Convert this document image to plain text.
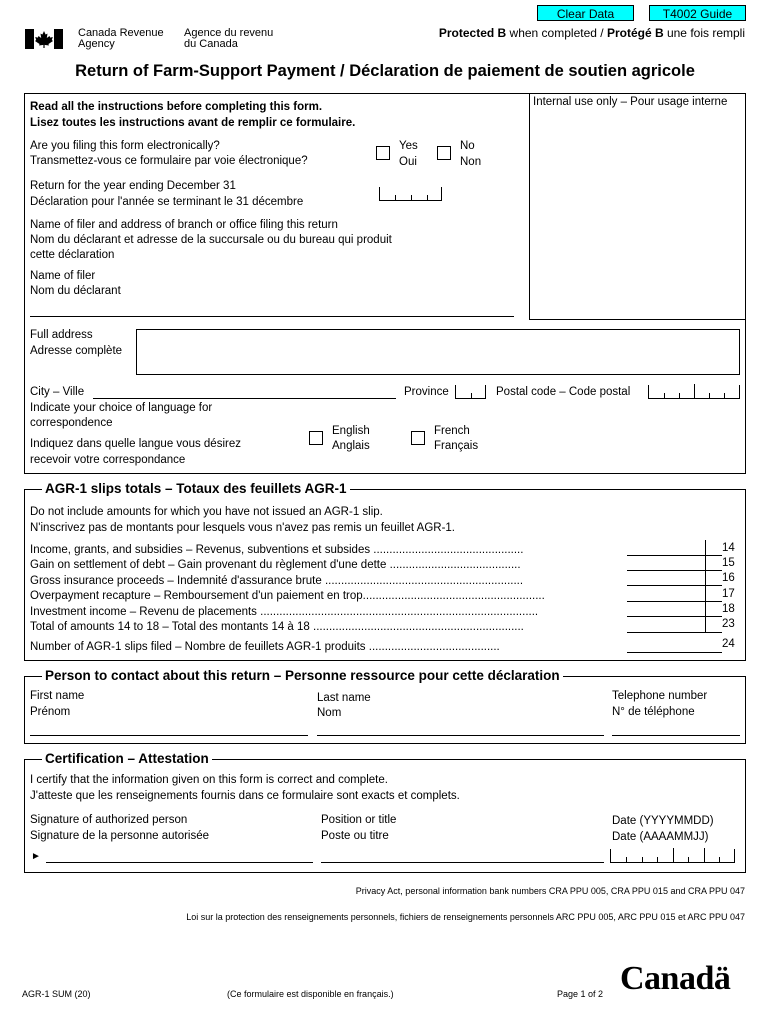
Clear Data	T4002 Guide
Canada Revenue
Agency
Agence du revenu
du Canada
Protected B when completed / Protégé B une fois rempli
Return of Farm-Support Payment / Déclaration de paiement de soutien agricole
Internal use only – Pour usage interne
Read all the instructions before completing this form.
Lisez toutes les instructions avant de remplir ce formulaire.
Are you filing this form electronically?
Transmettez-vous ce formulaire par voie électronique?
Yes
Oui
No
Non
Return for the year ending December 31
Déclaration pour l'année se terminant le 31 décembre
Name of filer and address of branch or office filing this return
Nom du déclarant et adresse de la succursale ou du bureau qui produit
cette déclaration
Name of filer
Nom du déclarant
Full address
Adresse complète
City – Ville	Province	Postal code – Code postal
Indicate your choice of language for
correspondence
Indiquez dans quelle langue vous désirez
recevoir votre correspondance
English
Anglais
French
Français
AGR-1 slips totals – Totaux des feuillets AGR-1
Do not include amounts for which you have not issued an AGR-1 slip.
N'inscrivez pas de montants pour lesquels vous n'avez pas remis un feuillet AGR-1.
Income, grants, and subsidies – Revenus, subventions et subsides ...............................................	14
Gain on settlement of debt – Gain provenant du règlement d'une dette .........................................	15
Gross insurance proceeds – Indemnité d'assurance brute ..............................................................	16
Overpayment recapture – Remboursement d'un paiement en trop.........................................................	17
Investment income – Revenu de placements .......................................................................................	18
Total of amounts 14 to 18 – Total des montants 14 à 18 ..................................................................	23
Number of AGR-1 slips filed – Nombre de feuillets AGR-1 produits .........................................	24
Person to contact about this return – Personne ressource pour cette déclaration
First name
Prénom
Last name
Nom
Telephone number
N° de téléphone
Certification – Attestation
I certify that the information given on this form is correct and complete.
J'atteste que les renseignements fournis dans ce formulaire sont exacts et complets.
Signature of authorized person
Signature de la personne autorisée
►
Position or title
Poste ou titre
Date (YYYYMMDD)
Date (AAAAMMJJ)
Privacy Act, personal information bank numbers CRA PPU 005, CRA PPU 015 and CRA PPU 047
Loi sur la protection des renseignements personnels, fichiers de renseignements personnels ARC PPU 005, ARC PPU 015 et ARC PPU 047
AGR-1 SUM (20)	(Ce formulaire est disponible en français.)	Page 1 of 2 Canadä
